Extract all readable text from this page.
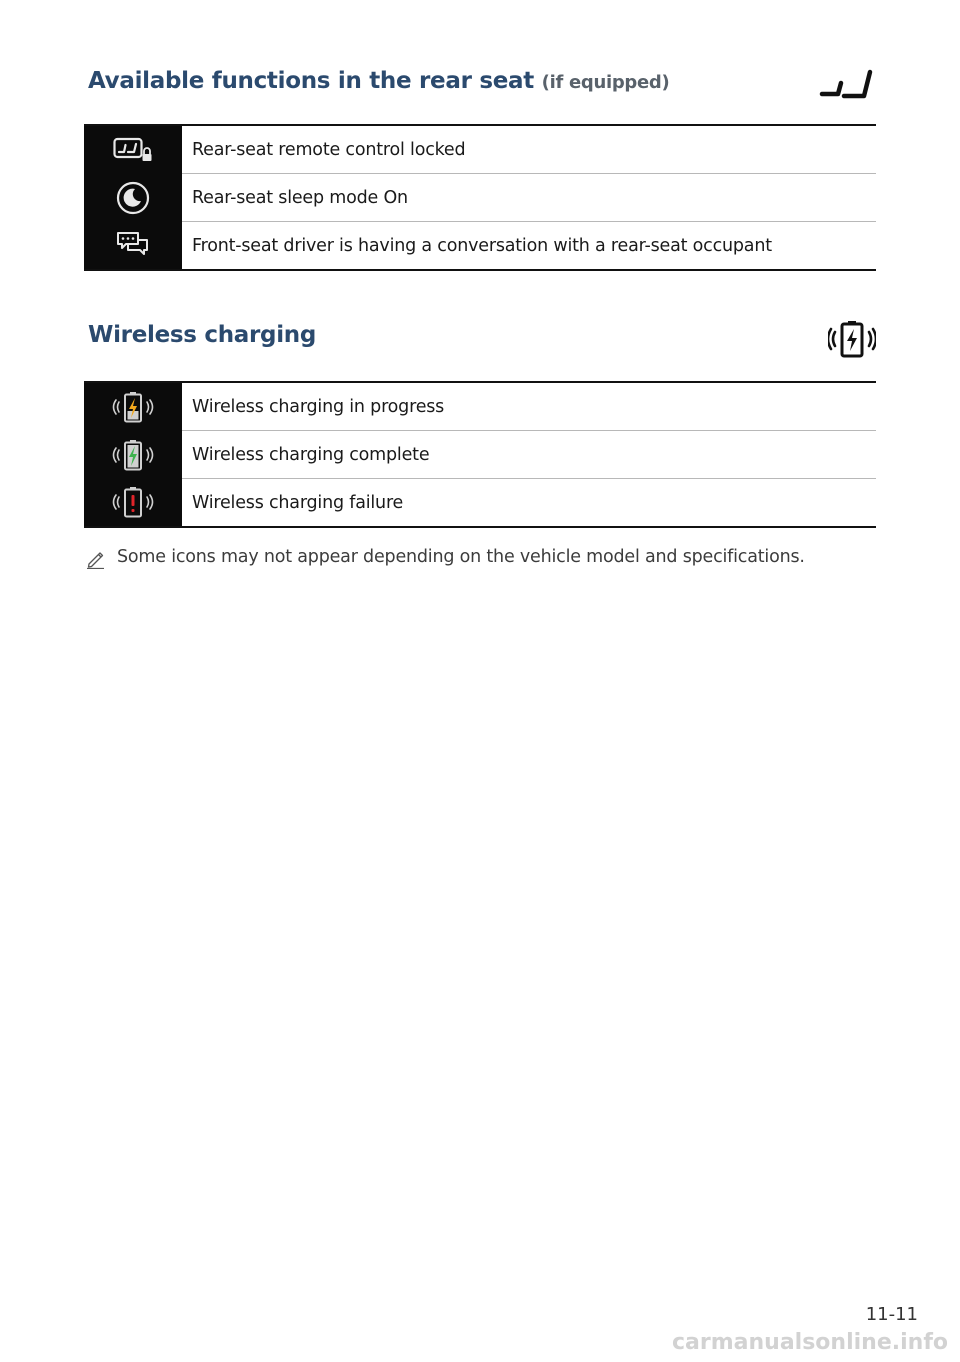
Available functions in the rear seat (if equipped)
	Rear-seat remote control locked

	Rear-seat sleep mode On

	Front-seat driver is having a conversation with a rear-seat occupant
Wireless charging
	Wireless charging in progress

	Wireless charging complete

	Wireless charging failure
Some icons may not appear depending on the vehicle model and specifications.
11-11
carmanualsonline.info
